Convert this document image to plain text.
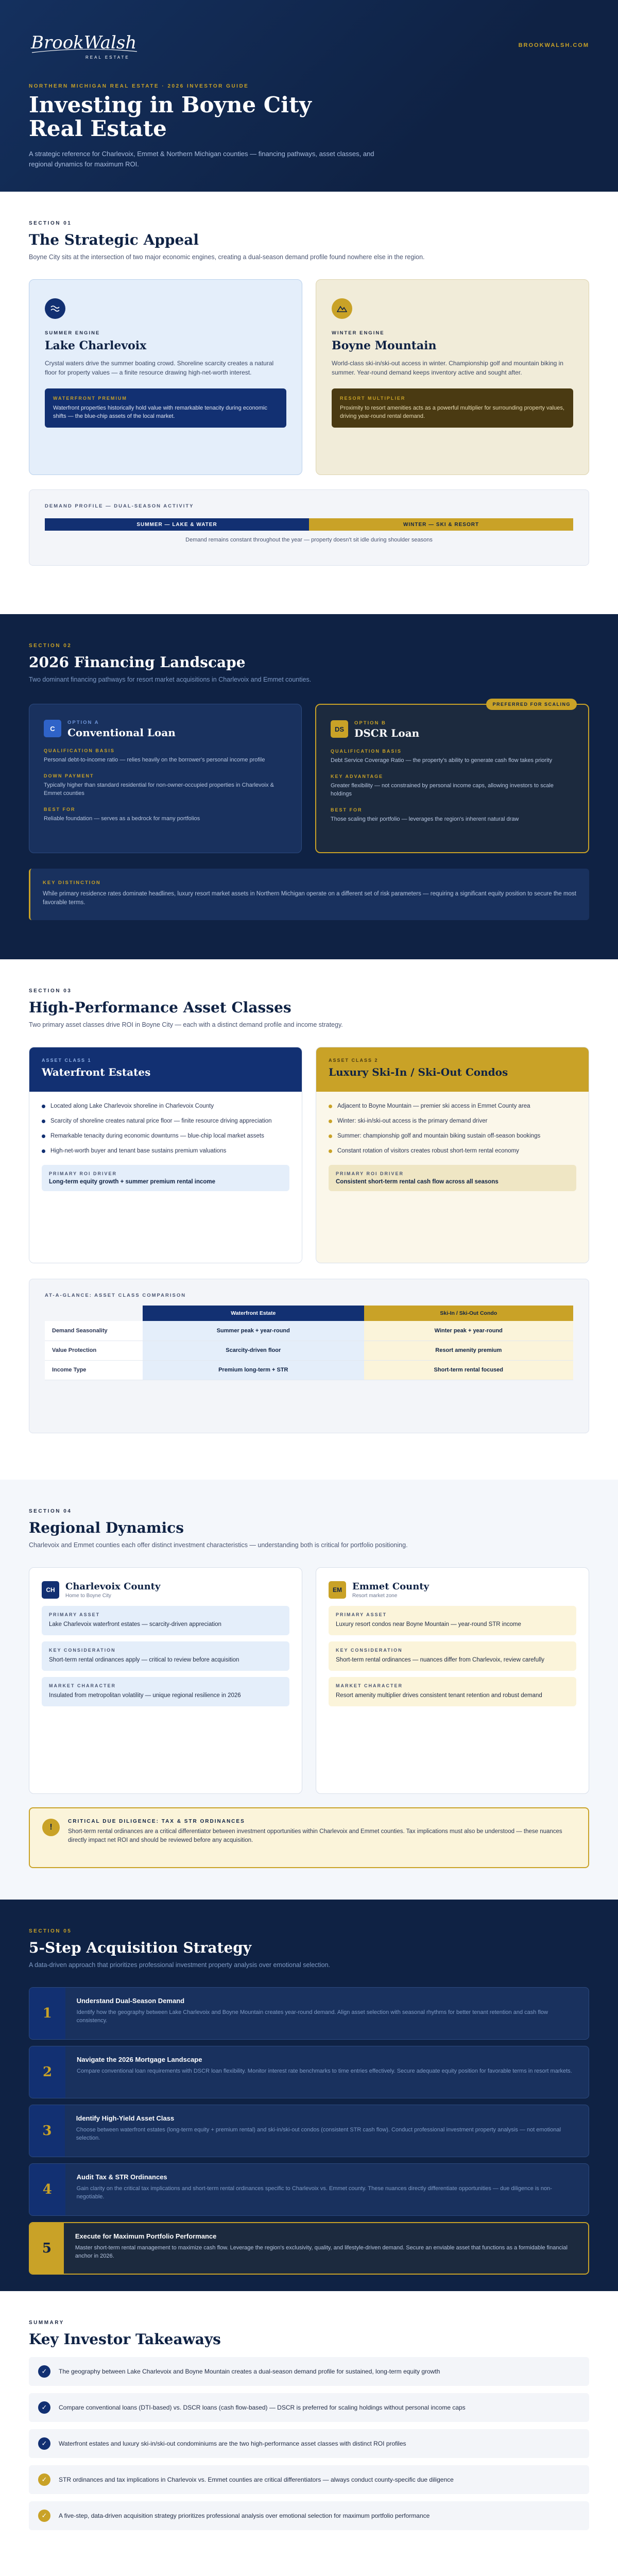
BrookWalsh
REAL ESTATE
BROOKWALSH.COM
NORTHERN MICHIGAN REAL ESTATE · 2026 INVESTOR GUIDE
Investing in Boyne City Real Estate

A strategic reference for Charlevoix, Emmet & Northern Michigan counties — financing pathways, asset classes, and regional dynamics for maximum ROI.

SECTION 01
The Strategic Appeal

Boyne City sits at the intersection of two major economic engines, creating a dual-season demand profile found nowhere else in the region.

SUMMER ENGINE
Lake Charlevoix

Crystal waters drive the summer boating crowd. Shoreline scarcity creates a natural floor for property values — a finite resource drawing high-net-worth interest.

WATERFRONT PREMIUM
Waterfront properties historically hold value with remarkable tenacity during economic shifts — the blue-chip assets of the local market.
WINTER ENGINE
Boyne Mountain

World-class ski-in/ski-out access in winter. Championship golf and mountain biking in summer. Year-round demand keeps inventory active and sought after.

RESORT MULTIPLIER
Proximity to resort amenities acts as a powerful multiplier for surrounding property values, driving year-round rental demand.
DEMAND PROFILE — DUAL-SEASON ACTIVITY
SUMMER — LAKE & WATER	WINTER — SKI & RESORT
Demand remains constant throughout the year — property doesn't sit idle during shoulder seasons
SECTION 02
2026 Financing Landscape

Two dominant financing pathways for resort market acquisitions in Charlevoix and Emmet counties.

C
OPTION A
Conventional Loan
QUALIFICATION BASIS
Personal debt-to-income ratio — relies heavily on the borrower's personal income profile
DOWN PAYMENT
Typically higher than standard residential for non-owner-occupied properties in Charlevoix & Emmet counties
BEST FOR
Reliable foundation — serves as a bedrock for many portfolios
PREFERRED FOR SCALING
DS
OPTION B
DSCR Loan
QUALIFICATION BASIS
Debt Service Coverage Ratio — the property's ability to generate cash flow takes priority
KEY ADVANTAGE
Greater flexibility — not constrained by personal income caps, allowing investors to scale holdings
BEST FOR
Those scaling their portfolio — leverages the region's inherent natural draw
KEY DISTINCTION
While primary residence rates dominate headlines, luxury resort market assets in Northern Michigan operate on a different set of risk parameters — requiring a significant equity position to secure the most favorable terms.
SECTION 03
High-Performance Asset Classes

Two primary asset classes drive ROI in Boyne City — each with a distinct demand profile and income strategy.

ASSET CLASS 1
Waterfront Estates
Located along Lake Charlevoix shoreline in Charlevoix County
Scarcity of shoreline creates natural price floor — finite resource driving appreciation
Remarkable tenacity during economic downturns — blue-chip local market assets
High-net-worth buyer and tenant base sustains premium valuations
PRIMARY ROI DRIVER
Long-term equity growth + summer premium rental income
ASSET CLASS 2
Luxury Ski-In / Ski-Out Condos
Adjacent to Boyne Mountain — premier ski access in Emmet County area
Winter: ski-in/ski-out access is the primary demand driver
Summer: championship golf and mountain biking sustain off-season bookings
Constant rotation of visitors creates robust short-term rental economy
PRIMARY ROI DRIVER
Consistent short-term rental cash flow across all seasons
AT-A-GLANCE: ASSET CLASS COMPARISON
	Waterfront Estate	Ski-In / Ski-Out Condo
Demand Seasonality	Summer peak + year-round	Winter peak + year-round
Value Protection	Scarcity-driven floor	Resort amenity premium
Income Type	Premium long-term + STR	Short-term rental focused
SECTION 04
Regional Dynamics

Charlevoix and Emmet counties each offer distinct investment characteristics — understanding both is critical for portfolio positioning.

CH	Charlevoix County
Home to Boyne City
PRIMARY ASSET
Lake Charlevoix waterfront estates — scarcity-driven appreciation
KEY CONSIDERATION
Short-term rental ordinances apply — critical to review before acquisition
MARKET CHARACTER
Insulated from metropolitan volatility — unique regional resilience in 2026
EM	Emmet County
Resort market zone
PRIMARY ASSET
Luxury resort condos near Boyne Mountain — year-round STR income
KEY CONSIDERATION
Short-term rental ordinances — nuances differ from Charlevoix, review carefully
MARKET CHARACTER
Resort amenity multiplier drives consistent tenant retention and robust demand
!
CRITICAL DUE DILIGENCE: TAX & STR ORDINANCES
Short-term rental ordinances are a critical differentiator between investment opportunities within Charlevoix and Emmet counties. Tax implications must also be understood — these nuances directly impact net ROI and should be reviewed before any acquisition.
SECTION 05
5-Step Acquisition Strategy

A data-driven approach that prioritizes professional investment property analysis over emotional selection.

1
Understand Dual-Season Demand
Identify how the geography between Lake Charlevoix and Boyne Mountain creates year-round demand. Align asset selection with seasonal rhythms for better tenant retention and cash flow consistency.
2
Navigate the 2026 Mortgage Landscape
Compare conventional loan requirements with DSCR loan flexibility. Monitor interest rate benchmarks to time entries effectively. Secure adequate equity position for favorable terms in resort markets.
3
Identify High-Yield Asset Class
Choose between waterfront estates (long-term equity + premium rental) and ski-in/ski-out condos (consistent STR cash flow). Conduct professional investment property analysis — not emotional selection.
4
Audit Tax & STR Ordinances
Gain clarity on the critical tax implications and short-term rental ordinances specific to Charlevoix vs. Emmet county. These nuances directly differentiate opportunities — due diligence is non-negotiable.
5
Execute for Maximum Portfolio Performance
Master short-term rental management to maximize cash flow. Leverage the region's exclusivity, quality, and lifestyle-driven demand. Secure an enviable asset that functions as a formidable financial anchor in 2026.
SUMMARY
Key Investor Takeaways
✓	The geography between Lake Charlevoix and Boyne Mountain creates a dual-season demand profile for sustained, long-term equity growth
✓	Compare conventional loans (DTI-based) vs. DSCR loans (cash flow-based) — DSCR is preferred for scaling holdings without personal income caps
✓	Waterfront estates and luxury ski-in/ski-out condominiums are the two high-performance asset classes with distinct ROI profiles
✓	STR ordinances and tax implications in Charlevoix vs. Emmet counties are critical differentiators — always conduct county-specific due diligence
✓	A five-step, data-driven acquisition strategy prioritizes professional analysis over emotional selection for maximum portfolio performance
